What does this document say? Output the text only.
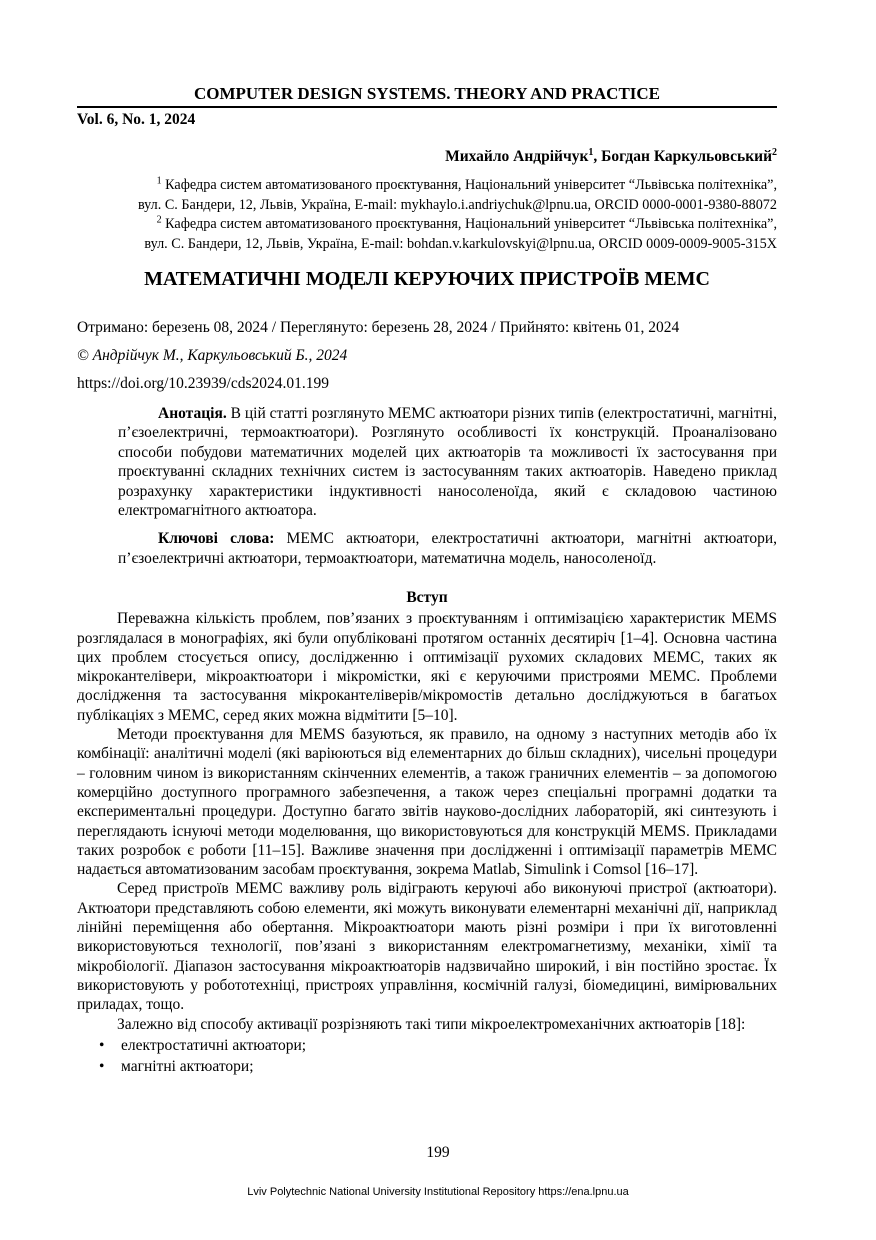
COMPUTER DESIGN SYSTEMS. THEORY AND PRACTICE
Vol. 6, No. 1, 2024
Михайло Андрійчук$^1$, Богдан Каркульовський$^2$
$^1$ Кафедра систем автоматизованого проєктування, Національний університет “Львівська політехніка”,
вул. С. Бандери, 12, Львів, Україна, E-mail: mykhaylo.i.andriychuk@lpnu.ua, ORCID 0000-0001-9380-88072
$^2$ Кафедра систем автоматизованого проєктування, Національний університет “Львівська політехніка”,
вул. С. Бандери, 12, Львів, Україна, E-mail: bohdan.v.karkulovskyi@lpnu.ua, ORCID 0009-0009-9005-315X
МАТЕМАТИЧНІ МОДЕЛІ КЕРУЮЧИХ ПРИСТРОЇВ МЕМС
Отримано: березень 08, 2024 / Переглянуто: березень 28, 2024 / Прийнято: квітень 01, 2024
© Андрійчук М., Каркульовський Б., 2024
https://doi.org/10.23939/cds2024.01.199

Анотація. В цій статті розглянуто МЕМС актюатори різних типів (електростатичні, магнітні, п’єзоелектричні, термоактюатори). Розглянуто особливості їх конструкцій. Проаналізовано способи побудови математичних моделей цих актюаторів та можливості їх застосування при проєктуванні складних технічних систем із застосуванням таких актюаторів. Наведено приклад розрахунку характеристики індуктивності наносоленоїда, який є складовою частиною електромагнітного актюатора.

Ключові слова: МЕМС актюатори, електростатичні актюатори, магнітні актюатори, п’єзоелектричні актюатори, термоактюатори, математична модель, наносоленоїд.

Вступ

Переважна кількість проблем, пов’язаних з проєктуванням і оптимізацією характеристик MEMS розглядалася в монографіях, які були опубліковані протягом останніх десятиріч [1–4]. Основна частина цих проблем стосується опису, дослідженню і оптимізації рухомих складових МЕМС, таких як мікрокантелівери, мікроактюатори і мікромістки, які є керуючими пристроями МЕМС. Проблеми дослідження та застосування мікрокантеліверів/мікромостів детально досліджуються в багатьох публікаціях з МЕМС, серед яких можна відмітити [5–10].

Методи проєктування для MEMS базуються, як правило, на одному з наступних методів або їх комбінації: аналітичні моделі (які варіюються від елементарних до більш складних), чисельні процедури – головним чином із використанням скінченних елементів, а також граничних елементів – за допомогою комерційно доступного програмного забезпечення, а також через спеціальні програмні додатки та експериментальні процедури. Доступно багато звітів науково-дослідних лабораторій, які синтезують і переглядають існуючі методи моделювання, що використовуються для конструкцій MEMS. Прикладами таких розробок є роботи [11–15]. Важливе значення при дослідженні і оптимізації параметрів МЕМС надається автоматизованим засобам проєктування, зокрема Matlab, Simulink і Comsol [16–17].

Серед пристроїв МЕМС важливу роль відіграють керуючі або виконуючі пристрої (актюатори). Актюатори представляють собою елементи, які можуть виконувати елементарні механічні дії, наприклад лінійні переміщення або обертання. Мікроактюатори мають різні розміри і при їх виготовленні використовуються технології, пов’язані з використанням електромагнетизму, механіки, хімії та мікробіології. Діапазон застосування мікроактюаторів надзвичайно широкий, і він постійно зростає. Їх використовують у робототехніці, пристроях управління, космічній галузі, біомедицині, вимірювальних приладах, тощо.

Залежно від способу активації розрізняють такі типи мікроелектромеханічних актюаторів [18]:

• електростатичні актюатори;
• магнітні актюатори;
199
Lviv Polytechnic National University Institutional Repository https://ena.lpnu.ua
